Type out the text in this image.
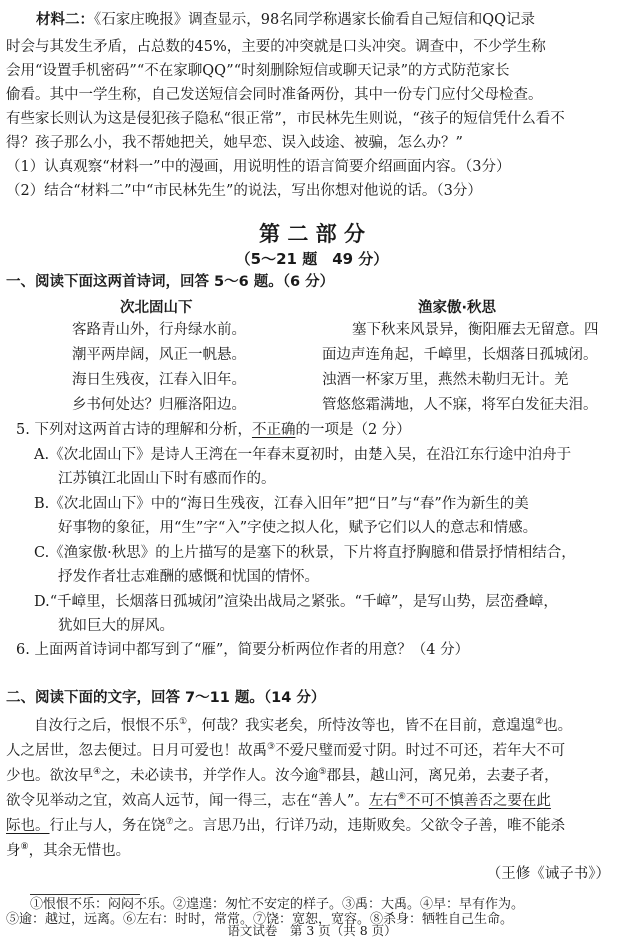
材料二：《石家庄晚报》调查显示，98名同学称遇家长偷看自己短信和QQ记录
时会与其发生矛盾，占总数的45%，主要的冲突就是口头冲突。调查中，不少学生称
会用“设置手机密码”“不在家聊QQ”“时刻删除短信或聊天记录”的方式防范家长
偷看。其中一学生称，自己发送短信会同时准备两份，其中一份专门应付父母检查。
有些家长则认为这是侵犯孩子隐私“很正常”，市民林先生则说，“孩子的短信凭什么看不
得？孩子那么小，我不帮她把关，她早恋、误入歧途、被骗，怎么办？”
（1）认真观察“材料一”中的漫画，用说明性的语言简要介绍画面内容。（3分）
（2）结合“材料二”中“市民林先生”的说法，写出你想对他说的话。（3分）
第 二 部 分
（5～21 题　49 分）
一、阅读下面这两首诗词，回答 5～6 题。（6 分）
次北固山下	渔家傲·秋思
客路青山外，行舟绿水前。
潮平两岸阔，风正一帆悬。
海日生残夜，江春入旧年。
乡书何处达？归雁洛阳边。
塞下秋来风景异，衡阳雁去无留意。四
面边声连角起，千嶂里，长烟落日孤城闭。
浊酒一杯家万里，燕然未勒归无计。羌
管悠悠霜满地，人不寐，将军白发征夫泪。
5. 下列对这两首古诗的理解和分析，不正确的一项是（2 分）
A.《次北固山下》是诗人王湾在一年春末夏初时，由楚入吴，在沿江东行途中泊舟于
江苏镇江北固山下时有感而作的。
B.《次北固山下》中的“海日生残夜，江春入旧年”把“日”与“春”作为新生的美
好事物的象征，用“生”字“入”字使之拟人化，赋予它们以人的意志和情感。
C.《渔家傲·秋思》的上片描写的是塞下的秋景，下片将直抒胸臆和借景抒情相结合，
抒发作者壮志难酬的感慨和忧国的情怀。
D.“千嶂里，长烟落日孤城闭”渲染出战局之紧张。“千嶂”，是写山势，层峦叠嶂，
犹如巨大的屏风。
6. 上面两首诗词中都写到了“雁”，简要分析两位作者的用意？（4 分）
二、阅读下面的文字，回答 7～11 题。（14 分）
自汝行之后，恨恨不乐①，何哉？我实老矣，所恃汝等也，皆不在目前，意遑遑②也。
人之居世，忽去便过。日月可爱也！故禹③不爱尺璧而爱寸阴。时过不可还，若年大不可
少也。欲汝早④之，未必读书，并学作人。汝今逾⑤郡县，越山河，离兄弟，去妻子者，
欲令见举动之宜，效高人远节，闻一得三，志在“善人”。左右⑥不可不慎善否之要在此
际也。行止与人，务在饶⑦之。言思乃出，行详乃动，违斯败矣。父欲令子善，唯不能杀
身⑧，其余无惜也。
（王修《诫子书》）
①恨恨不乐：闷闷不乐。②遑遑：匆忙不安定的样子。③禹：大禹。④早：早有作为。
⑤逾：越过，远离。⑥左右：时时，常常。⑦饶：宽恕，宽容。⑧杀身：牺牲自己生命。
语文试卷　第 3 页（共 8 页）
